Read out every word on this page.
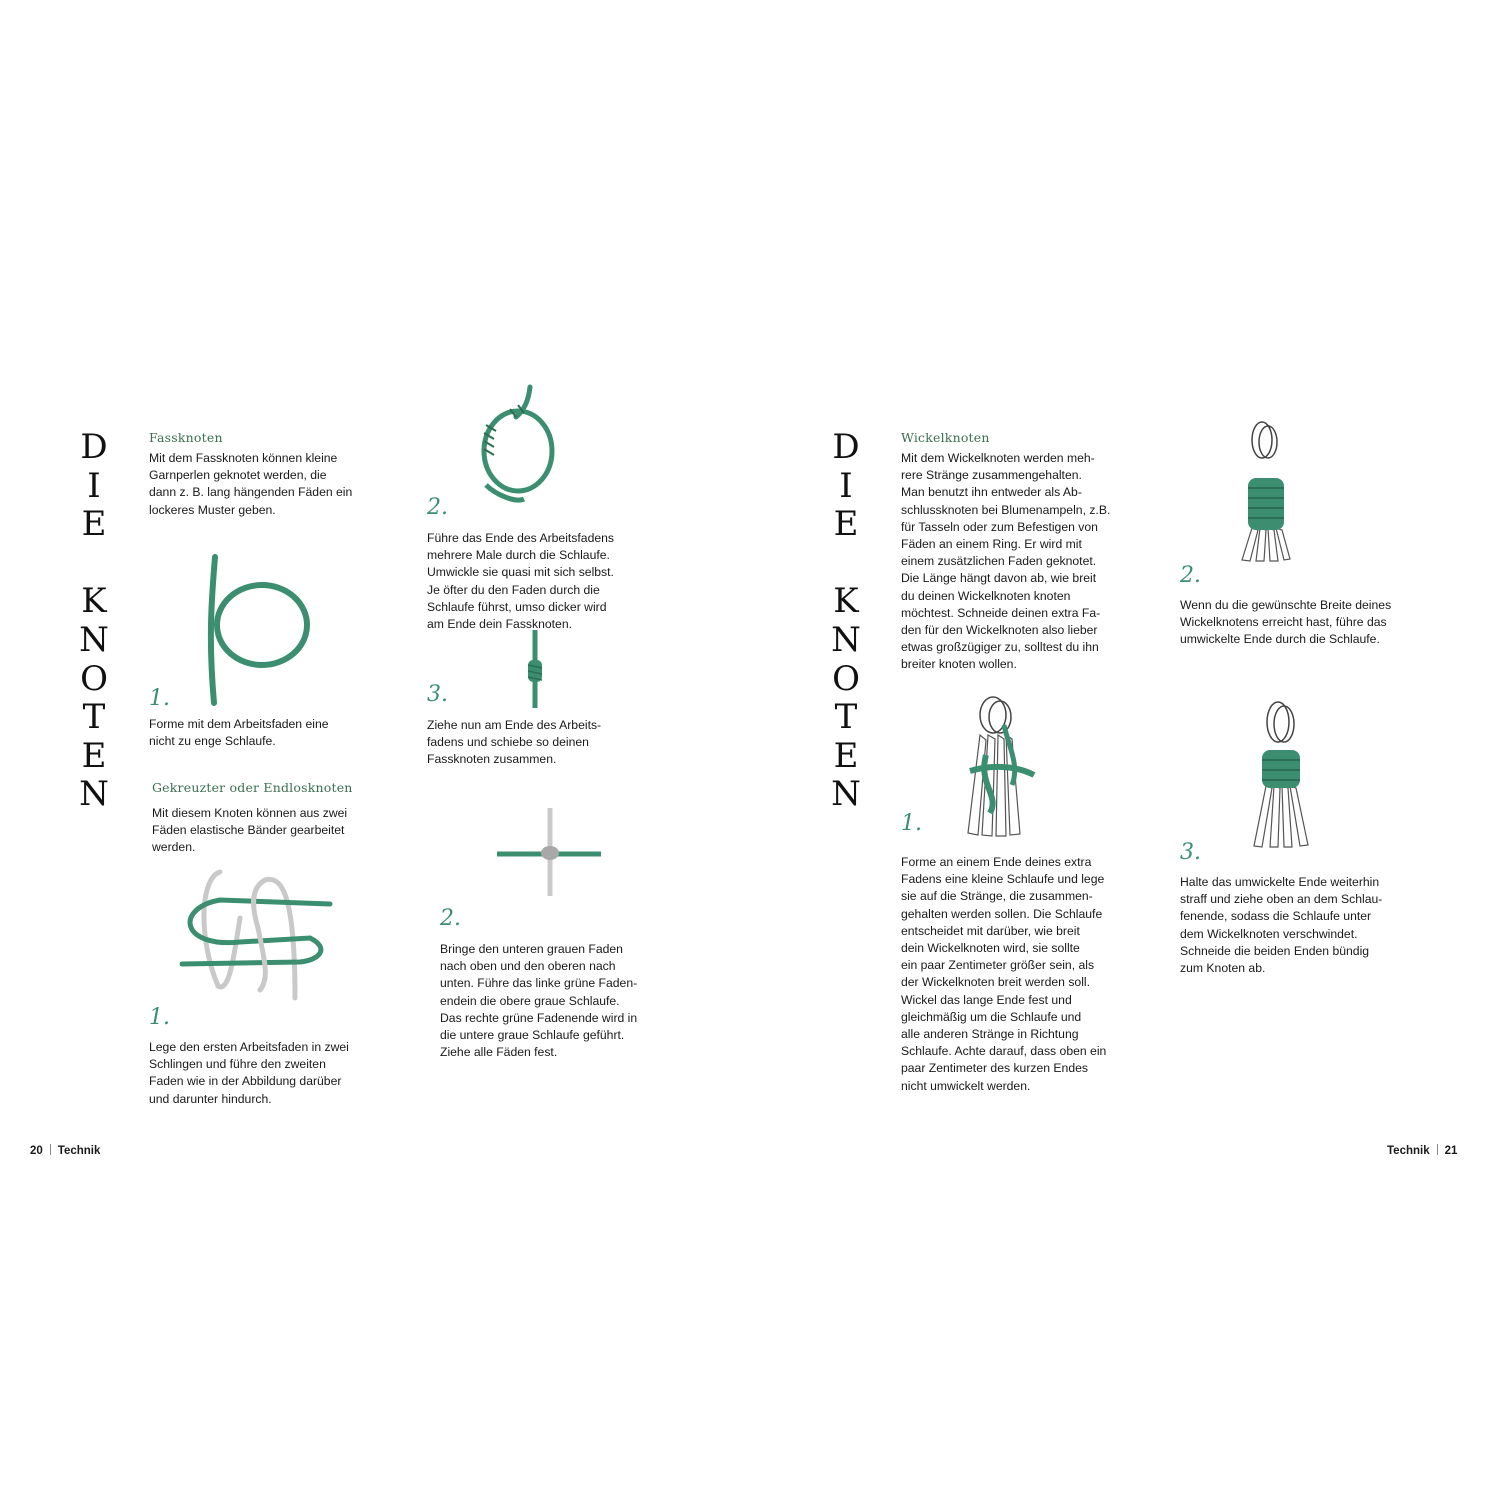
D
I
E

K
N
O
T
E
N
Fassknoten
Mit dem Fassknoten können kleine
Garnperlen geknotet werden, die
dann z. B. lang hängenden Fäden ein
lockeres Muster geben.
1.
Forme mit dem Arbeitsfaden eine
nicht zu enge Schlaufe.
Gekreuzter oder Endlosknoten
Mit diesem Knoten können aus zwei
Fäden elastische Bänder gearbeitet
werden.
1.
Lege den ersten Arbeitsfaden in zwei
Schlingen und führe den zweiten
Faden wie in der Abbildung darüber
und darunter hindurch.
2.
Führe das Ende des Arbeitsfadens
mehrere Male durch die Schlaufe.
Umwickle sie quasi mit sich selbst.
Je öfter du den Faden durch die
Schlaufe führst, umso dicker wird
am Ende dein Fassknoten.
3.
Ziehe nun am Ende des Arbeits-
fadens und schiebe so deinen
Fassknoten zusammen.
2.
Bringe den unteren grauen Faden
nach oben und den oberen nach
unten. Führe das linke grüne Faden-
endein die obere graue Schlaufe.
Das rechte grüne Fadenende wird in
die untere graue Schlaufe geführt.
Ziehe alle Fäden fest.
20 Technik
D
I
E

K
N
O
T
E
N
Wickelknoten
Mit dem Wickelknoten werden meh-
rere Stränge zusammengehalten.
Man benutzt ihn entweder als Ab-
schlussknoten bei Blumenampeln, z.B.
für Tasseln oder zum Befestigen von
Fäden an einem Ring. Er wird mit
einem zusätzlichen Faden geknotet.
Die Länge hängt davon ab, wie breit
du deinen Wickelknoten knoten
möchtest. Schneide deinen extra Fa-
den für den Wickelknoten also lieber
etwas großzügiger zu, solltest du ihn
breiter knoten wollen.
1.
Forme an einem Ende deines extra
Fadens eine kleine Schlaufe und lege
sie auf die Stränge, die zusammen-
gehalten werden sollen. Die Schlaufe
entscheidet mit darüber, wie breit
dein Wickelknoten wird, sie sollte
ein paar Zentimeter größer sein, als
der Wickelknoten breit werden soll.
Wickel das lange Ende fest und
gleichmäßig um die Schlaufe und
alle anderen Stränge in Richtung
Schlaufe. Achte darauf, dass oben ein
paar Zentimeter des kurzen Endes
nicht umwickelt werden.
2.
Wenn du die gewünschte Breite deines
Wickelknotens erreicht hast, führe das
umwickelte Ende durch die Schlaufe.
3.
Halte das umwickelte Ende weiterhin
straff und ziehe oben an dem Schlau-
fenende, sodass die Schlaufe unter
dem Wickelknoten verschwindet.
Schneide die beiden Enden bündig
zum Knoten ab.
Technik 21
